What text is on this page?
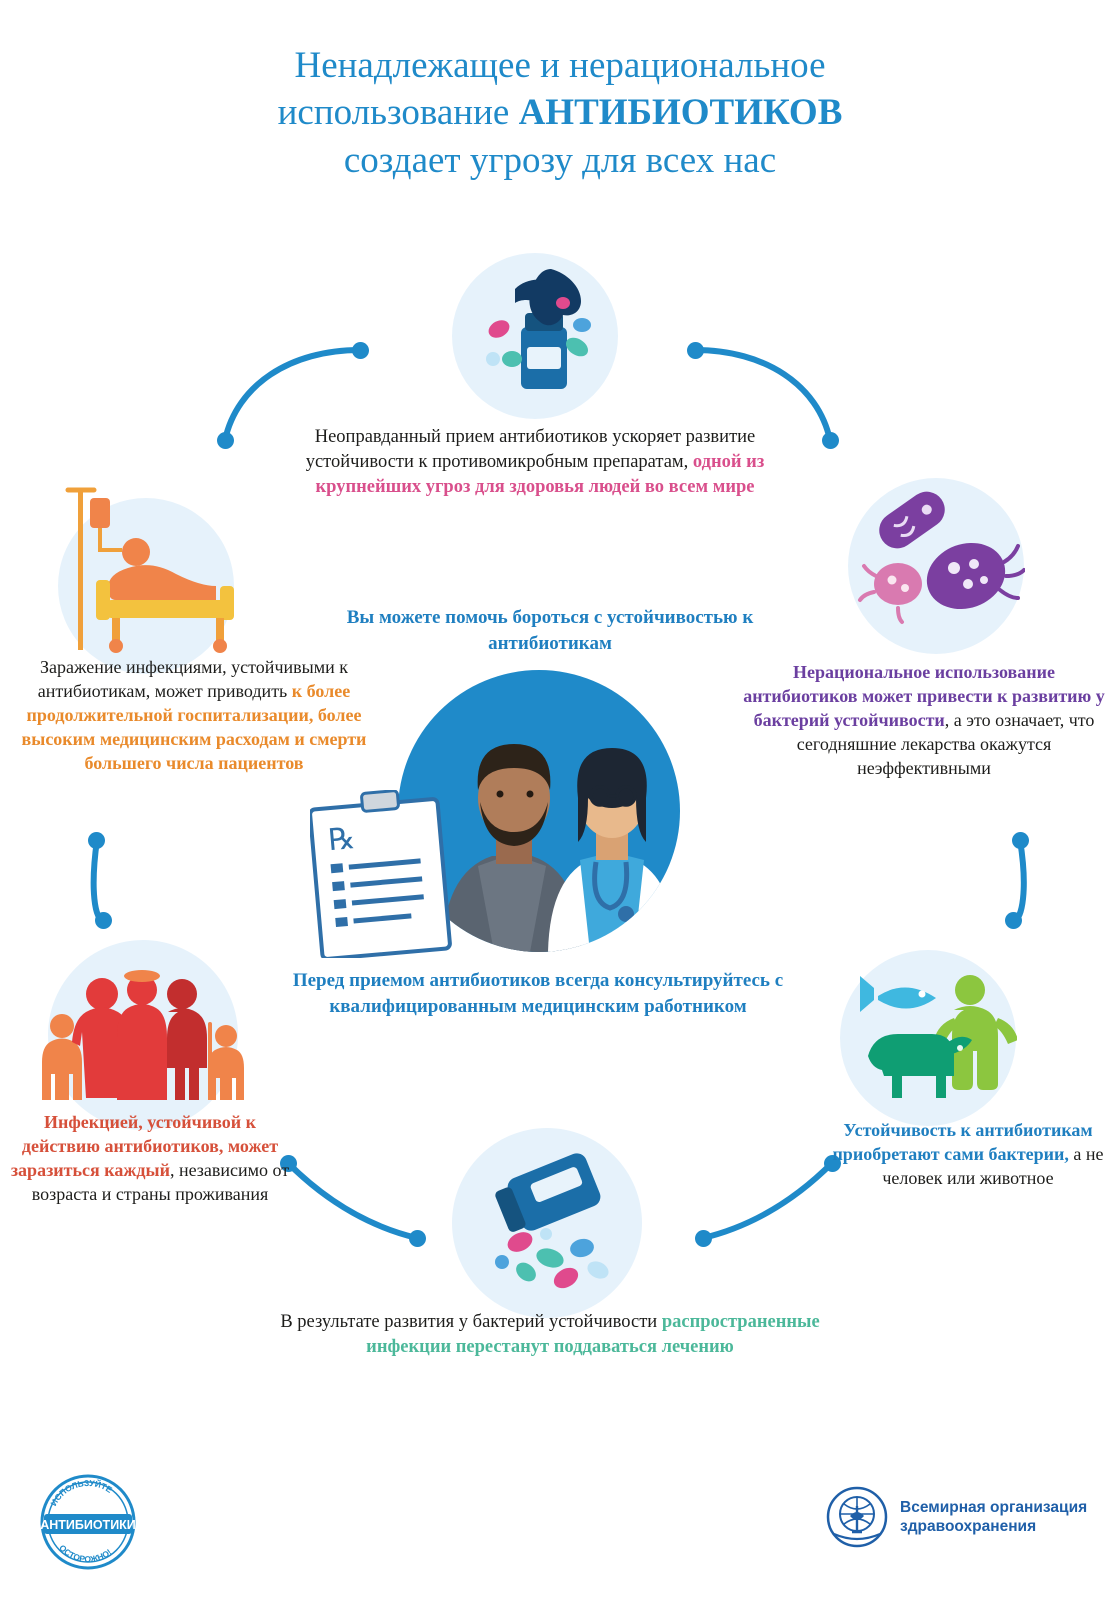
Ненадлежащее и нерациональное
использование АНТИБИОТИКОВ
создает угрозу для всех нас
Неоправданный прием антибиотиков ускоряет развитие устойчивости к противомикробным препаратам, одной из крупнейших угроз для здоровья людей во всем мире
Нерациональное использование антибиотиков может привести к развитию у бактерий устойчивости, а это означает, что сегодняшние лекарства окажутся неэффективными
Устойчивость к антибиотикам приобретают сами бактерии, а не человек или животное
В результате развития у бактерий устойчивости распространенные инфекции перестанут поддаваться лечению
Инфекцией, устойчивой к действию антибиотиков, может заразиться каждый, независимо от возраста и страны проживания
Заражение инфекциями, устойчивыми к антибиотикам, может приводить к более продолжительной госпитализации, более высоким медицинским расходам и смерти большего числа пациентов
Вы можете помочь бороться с устойчивостью к антибиотикам
℞
Перед приемом антибиотиков всегда консультируйтесь с квалифицированным медицинским работником
АНТИБИОТИКИ
ИСПОЛЬЗУЙТЕ
ОСТОРОЖНО!
Всемирная организация
здравоохранения
